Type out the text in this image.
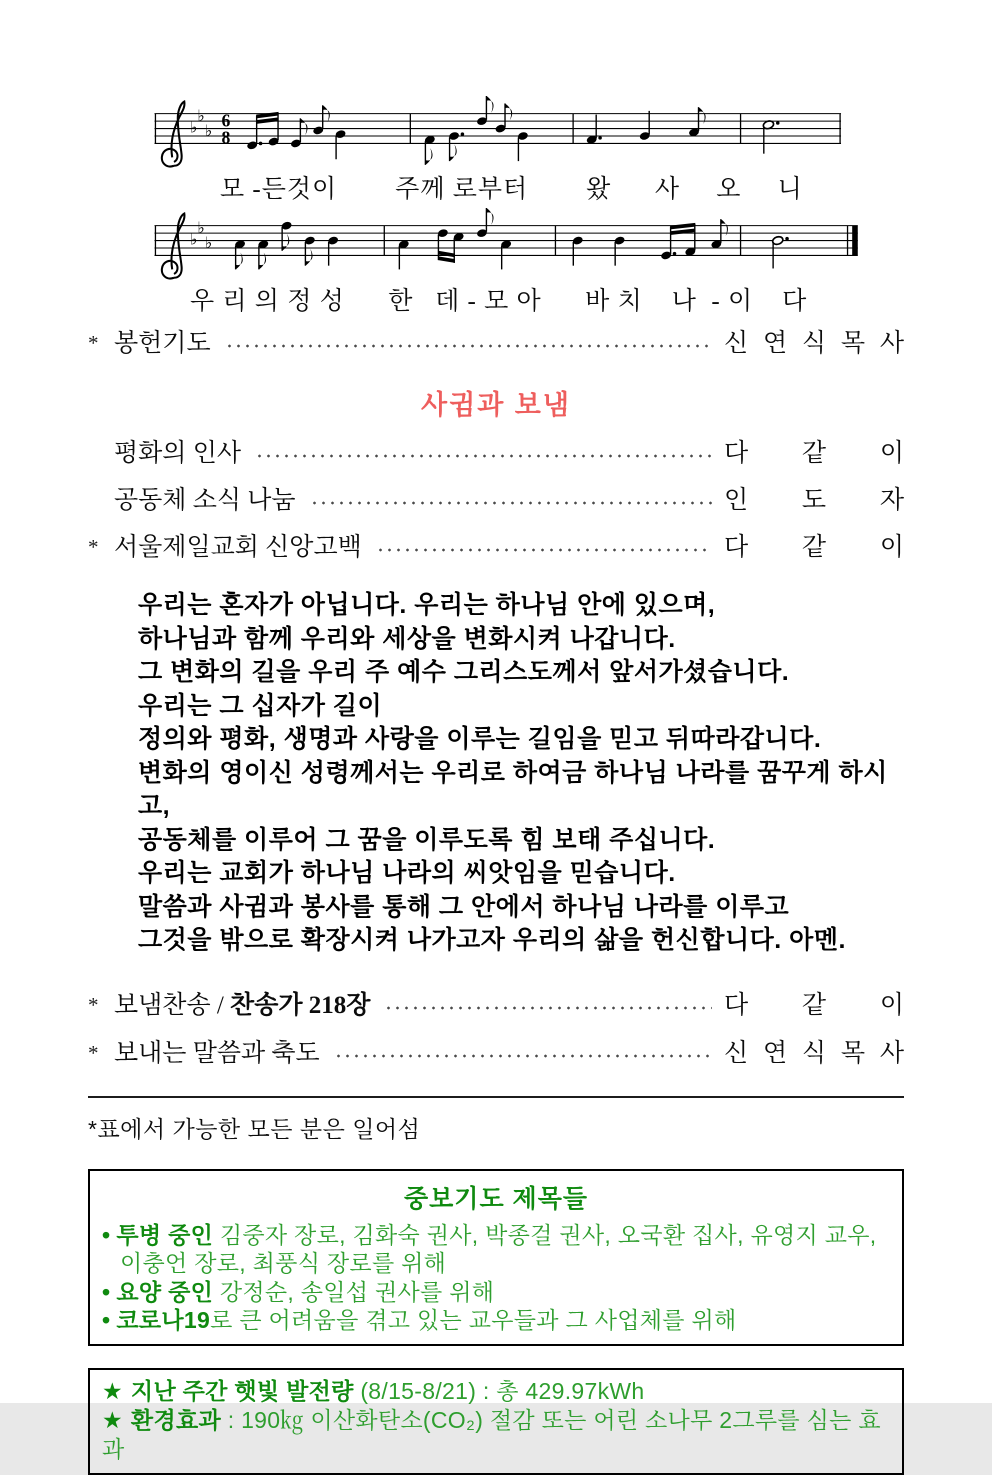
♭
♭
♭ 6
8
모 -든것이        주께 로부터        왔      사     오     니
♭
♭
♭
우 리 의 정 성      한   데 - 모 아      바 치    나  - 이    다
* 봉헌기도	신 연 식 목 사
사귐과 보냄
평화의 인사	다 같 이
공동체 소식 나눔	인 도 자
* 서울제일교회 신앙고백	다 같 이
우리는 혼자가 아닙니다. 우리는 하나님 안에 있으며,
하나님과 함께 우리와 세상을 변화시켜 나갑니다.
그 변화의 길을 우리 주 예수 그리스도께서 앞서가셨습니다.
우리는 그 십자가 길이
정의와 평화, 생명과 사랑을 이루는 길임을 믿고 뒤따라갑니다.
변화의 영이신 성령께서는 우리로 하여금 하나님 나라를 꿈꾸게 하시고,
공동체를 이루어 그 꿈을 이루도록 힘 보태 주십니다.
우리는 교회가 하나님 나라의 씨앗임을 믿습니다.
말씀과 사귐과 봉사를 통해 그 안에서 하나님 나라를 이루고
그것을 밖으로 확장시켜 나가고자 우리의 삶을 헌신합니다. 아멘.
* 보냄찬송 / 찬송가 218장	다 같 이
* 보내는 말씀과 축도	신 연 식 목 사
*표에서 가능한 모든 분은 일어섬
중보기도 제목들
• 투병 중인 김중자 장로, 김화숙 권사, 박종걸 권사, 오국환 집사, 유영지 교우, 이충언 장로, 최풍식 장로를 위해
• 요양 중인 강정순, 송일섭 권사를 위해
• 코로나19로 큰 어려움을 겪고 있는 교우들과 그 사업체를 위해
★ 지난 주간 햇빛 발전량 (8/15-8/21) : 총 429.97kWh
★ 환경효과 : 190㎏ 이산화탄소(CO₂) 절감 또는 어린 소나무 2그루를 심는 효과
